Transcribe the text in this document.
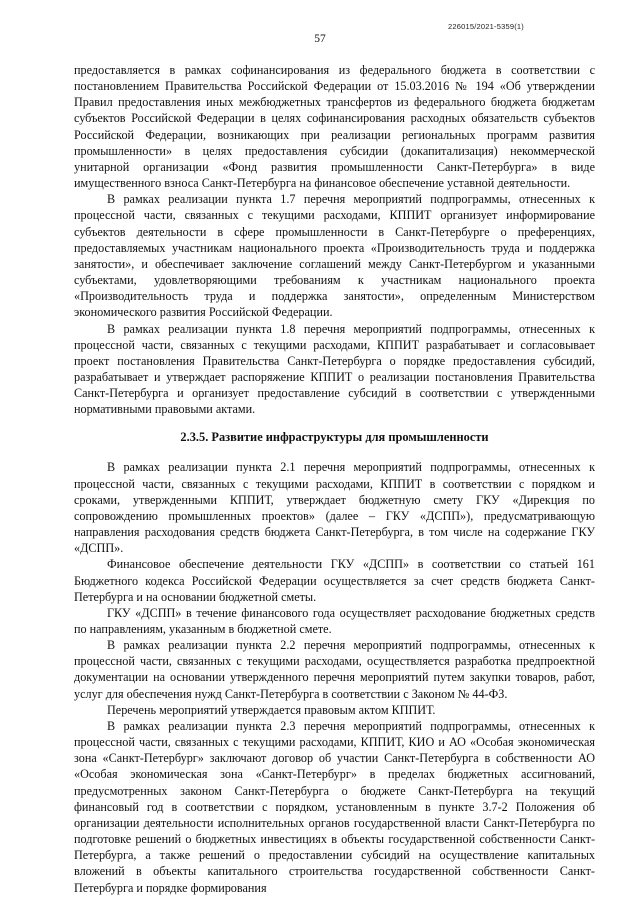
226015/2021-5359(1)
57

предоставляется в рамках софинансирования из федерального бюджета в соответствии с постановлением Правительства Российской Федерации от 15.03.2016 № 194 «Об утверждении Правил предоставления иных межбюджетных трансфертов из федерального бюджета бюджетам субъектов Российской Федерации в целях софинансирования расходных обязательств субъектов Российской Федерации, возникающих при реализации региональных программ развития промышленности» в целях предоставления субсидии (докапитализация) некоммерческой унитарной организации «Фонд развития промышленности Санкт-Петербурга» в виде имущественного взноса Санкт-Петербурга на финансовое обеспечение уставной деятельности.

В рамках реализации пункта 1.7 перечня мероприятий подпрограммы, отнесенных к процессной части, связанных с текущими расходами, КППИТ организует информирование субъектов деятельности в сфере промышленности в Санкт-Петербурге о преференциях, предоставляемых участникам национального проекта «Производительность труда и поддержка занятости», и обеспечивает заключение соглашений между Санкт-Петербургом и указанными субъектами, удовлетворяющими требованиям к участникам национального проекта «Производительность труда и поддержка занятости», определенным Министерством экономического развития Российской Федерации.

В рамках реализации пункта 1.8 перечня мероприятий подпрограммы, отнесенных к процессной части, связанных с текущими расходами, КППИТ разрабатывает и согласовывает проект постановления Правительства Санкт-Петербурга о порядке предоставления субсидий, разрабатывает и утверждает распоряжение КППИТ о реализации постановления Правительства Санкт-Петербурга и организует предоставление субсидий в соответствии с утвержденными нормативными правовыми актами.

2.3.5. Развитие инфраструктуры для промышленности

В рамках реализации пункта 2.1 перечня мероприятий подпрограммы, отнесенных к процессной части, связанных с текущими расходами, КППИТ в соответствии с порядком и сроками, утвержденными КППИТ, утверждает бюджетную смету ГКУ «Дирекция по сопровождению промышленных проектов» (далее – ГКУ «ДСПП»), предусматривающую направления расходования средств бюджета Санкт-Петербурга, в том числе на содержание ГКУ «ДСПП».

Финансовое обеспечение деятельности ГКУ «ДСПП» в соответствии со статьей 161 Бюджетного кодекса Российской Федерации осуществляется за счет средств бюджета Санкт-Петербурга и на основании бюджетной сметы.

ГКУ «ДСПП» в течение финансового года осуществляет расходование бюджетных средств по направлениям, указанным в бюджетной смете.

В рамках реализации пункта 2.2 перечня мероприятий подпрограммы, отнесенных к процессной части, связанных с текущими расходами, осуществляется разработка предпроектной документации на основании утвержденного перечня мероприятий путем закупки товаров, работ, услуг для обеспечения нужд Санкт-Петербурга в соответствии с Законом № 44-ФЗ.

Перечень мероприятий утверждается правовым актом КППИТ.

В рамках реализации пункта 2.3 перечня мероприятий подпрограммы, отнесенных к процессной части, связанных с текущими расходами, КППИТ, КИО и АО «Особая экономическая зона «Санкт-Петербург» заключают договор об участии Санкт-Петербурга в собственности АО «Особая экономическая зона «Санкт-Петербург» в пределах бюджетных ассигнований, предусмотренных законом Санкт-Петербурга о бюджете Санкт-Петербурга на текущий финансовый год в соответствии с порядком, установленным в пункте 3.7-2 Положения об организации деятельности исполнительных органов государственной власти Санкт-Петербурга по подготовке решений о бюджетных инвестициях в объекты государственной собственности Санкт-Петербурга, а также решений о предоставлении субсидий на осуществление капитальных вложений в объекты капитального строительства государственной собственности Санкт-Петербурга и порядке формирования
